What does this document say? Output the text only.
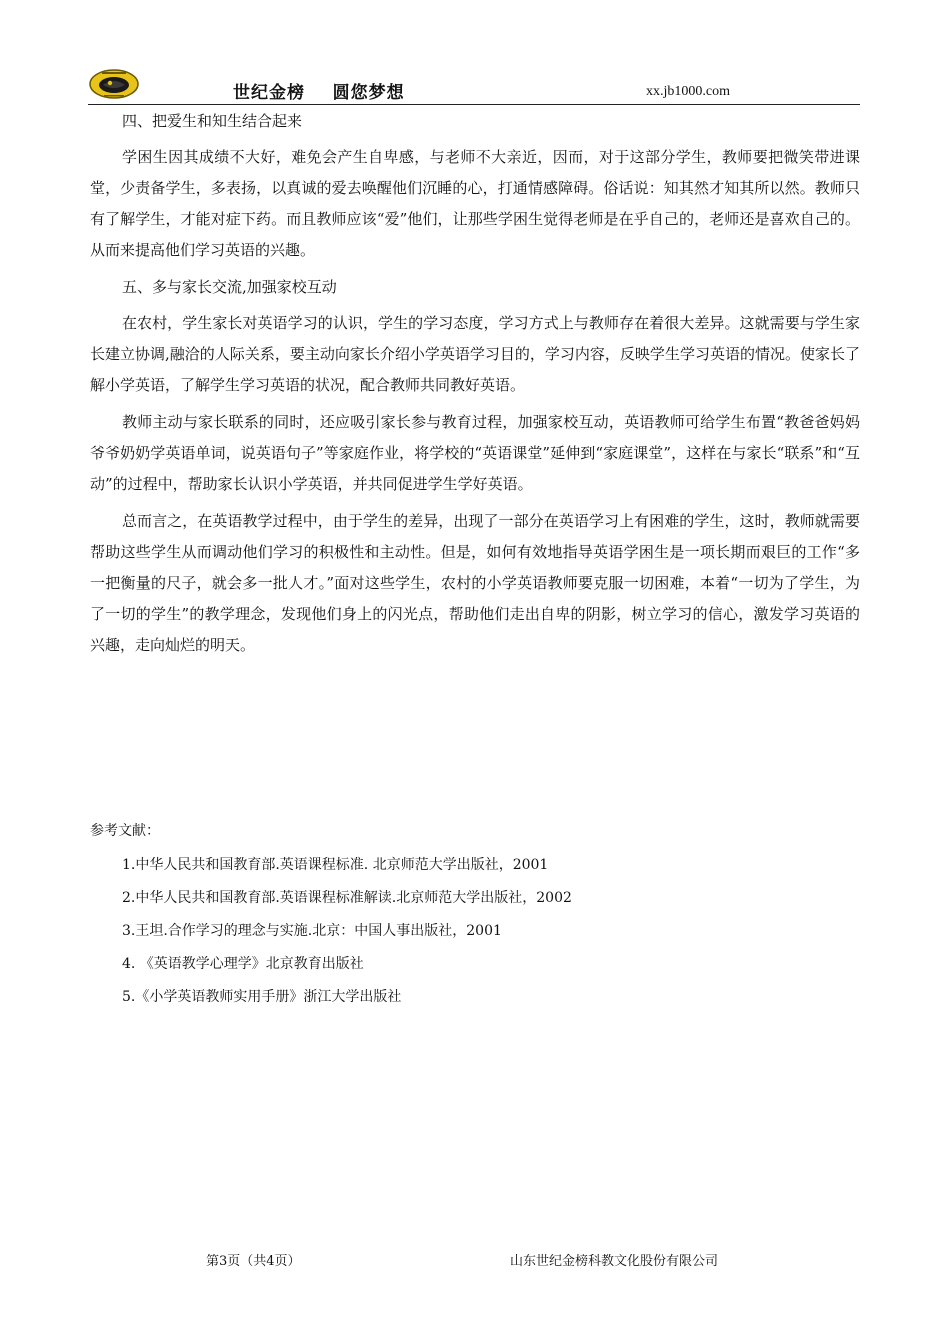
世纪金榜    圆您梦想	xx.jb1000.com
四、把爱生和知生结合起来

学困生因其成绩不大好，难免会产生自卑感，与老师不大亲近，因而，对于这部分学生，教师要把微笑带进课堂，少责备学生，多表扬，以真诚的爱去唤醒他们沉睡的心，打通情感障碍。俗话说：知其然才知其所以然。教师只有了解学生，才能对症下药。而且教师应该“爱”他们，让那些学困生觉得老师是在乎自己的，老师还是喜欢自己的。从而来提高他们学习英语的兴趣。

五、多与家长交流,加强家校互动

在农村，学生家长对英语学习的认识，学生的学习态度，学习方式上与教师存在着很大差异。这就需要与学生家长建立协调,融洽的人际关系，要主动向家长介绍小学英语学习目的，学习内容，反映学生学习英语的情况。使家长了解小学英语，了解学生学习英语的状况，配合教师共同教好英语。

教师主动与家长联系的同时，还应吸引家长参与教育过程，加强家校互动，英语教师可给学生布置“教爸爸妈妈爷爷奶奶学英语单词，说英语句子”等家庭作业，将学校的“英语课堂”延伸到“家庭课堂”，这样在与家长“联系”和“互动”的过程中，帮助家长认识小学英语，并共同促进学生学好英语。

总而言之，在英语教学过程中，由于学生的差异，出现了一部分在英语学习上有困难的学生，这时，教师就需要帮助这些学生从而调动他们学习的积极性和主动性。但是，如何有效地指导英语学困生是一项长期而艰巨的工作“多一把衡量的尺子，就会多一批人才。”面对这些学生，农村的小学英语教师要克服一切困难，本着“一切为了学生，为了一切的学生”的教学理念，发现他们身上的闪光点，帮助他们走出自卑的阴影，树立学习的信心，激发学习英语的兴趣，走向灿烂的明天。

参考文献：
1.中华人民共和国教育部.英语课程标准. 北京师范大学出版社，2001
2.中华人民共和国教育部.英语课程标准解读.北京师范大学出版社，2002
3.王坦.合作学习的理念与实施.北京：中国人事出版社，2001
4. 《英语教学心理学》北京教育出版社
5.《小学英语教师实用手册》浙江大学出版社
第3页（共4页）	山东世纪金榜科教文化股份有限公司
